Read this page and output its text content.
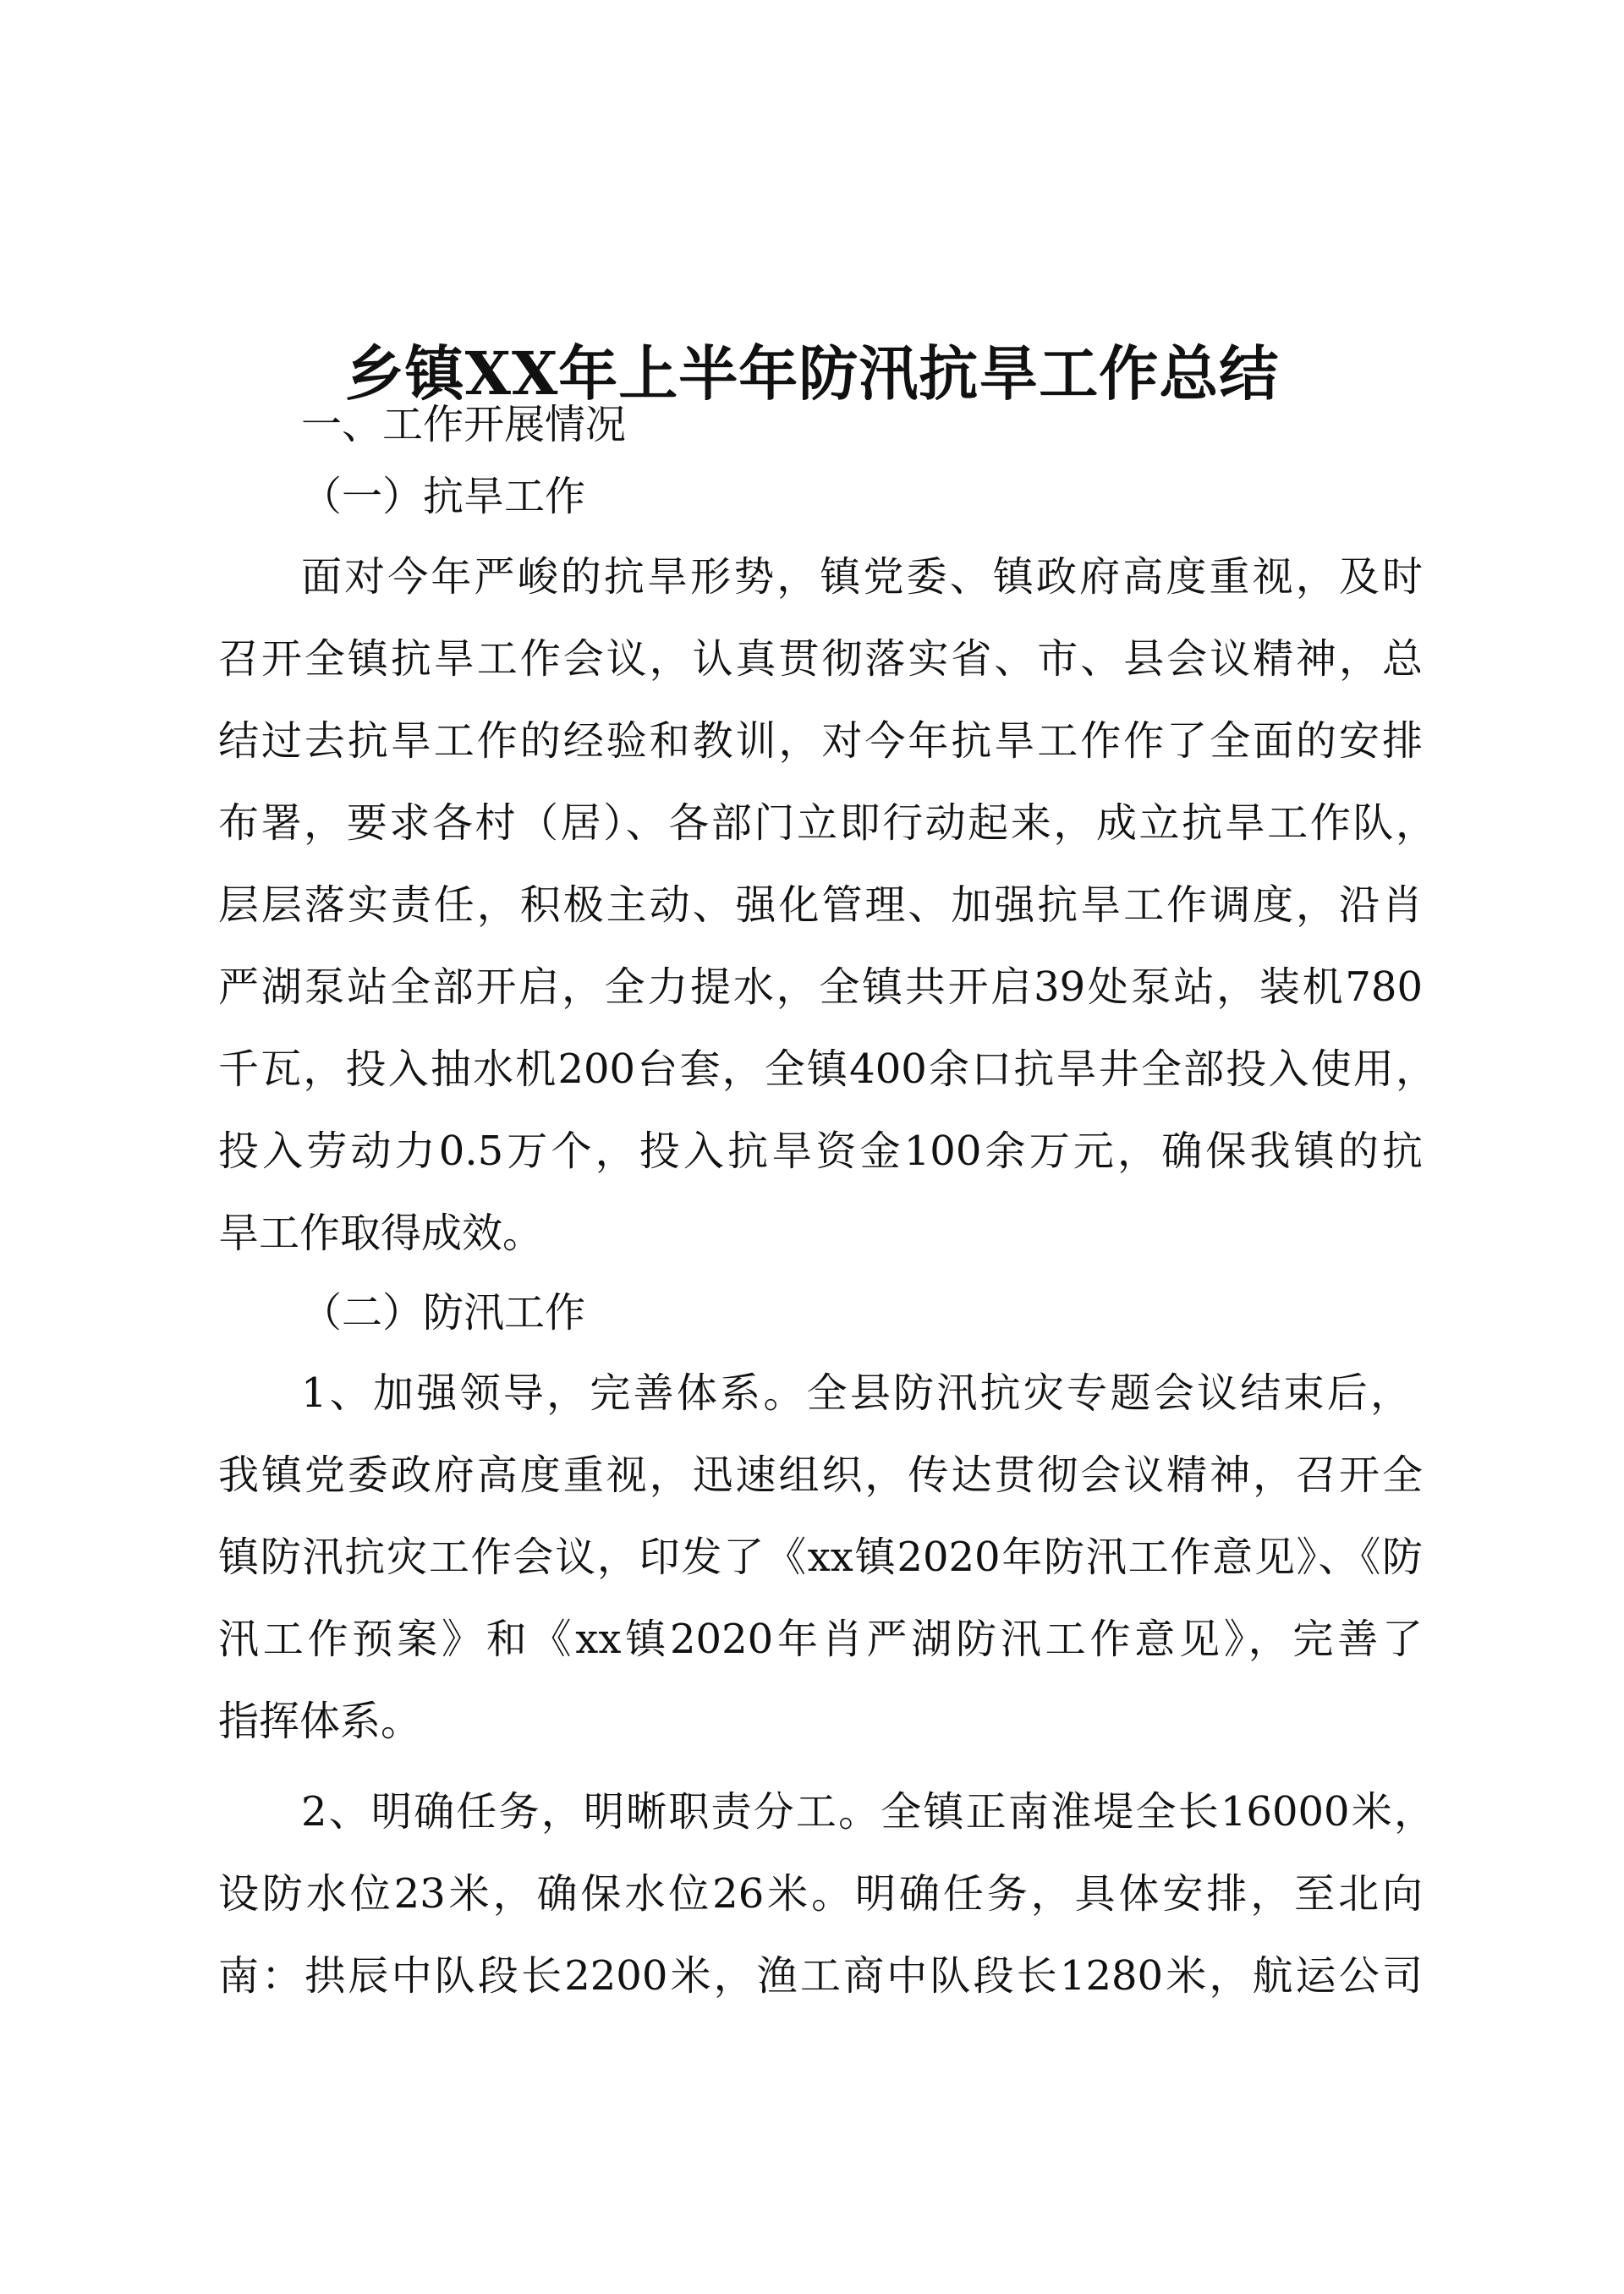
乡镇XX年上半年防汛抗旱工作总结

一、工作开展情况

（一）抗旱工作

面对今年严峻的抗旱形势，镇党委、镇政府高度重视，及时

召开全镇抗旱工作会议，认真贯彻落实省、市、县会议精神，总

结过去抗旱工作的经验和教训，对今年抗旱工作作了全面的安排

布署，要求各村（居）、各部门立即行动起来，成立抗旱工作队，

层层落实责任，积极主动、强化管理、加强抗旱工作调度，沿肖

严湖泵站全部开启，全力提水，全镇共开启39处泵站，装机780

千瓦，投入抽水机200台套，全镇400余口抗旱井全部投入使用，

投入劳动力0.5万个，投入抗旱资金100余万元，确保我镇的抗

旱工作取得成效。

（二）防汛工作

1、加强领导，完善体系。全县防汛抗灾专题会议结束后，

我镇党委政府高度重视，迅速组织，传达贯彻会议精神，召开全

镇防汛抗灾工作会议，印发了《xx镇2020年防汛工作意见》、《防

汛工作预案》和《xx镇2020年肖严湖防汛工作意见》，完善了

指挥体系。

2、明确任务，明晰职责分工。全镇正南淮堤全长16000米，

设防水位23米，确保水位26米。明确任务，具体安排，至北向

南：拱辰中队段长2200米，渔工商中队段长1280米，航运公司
